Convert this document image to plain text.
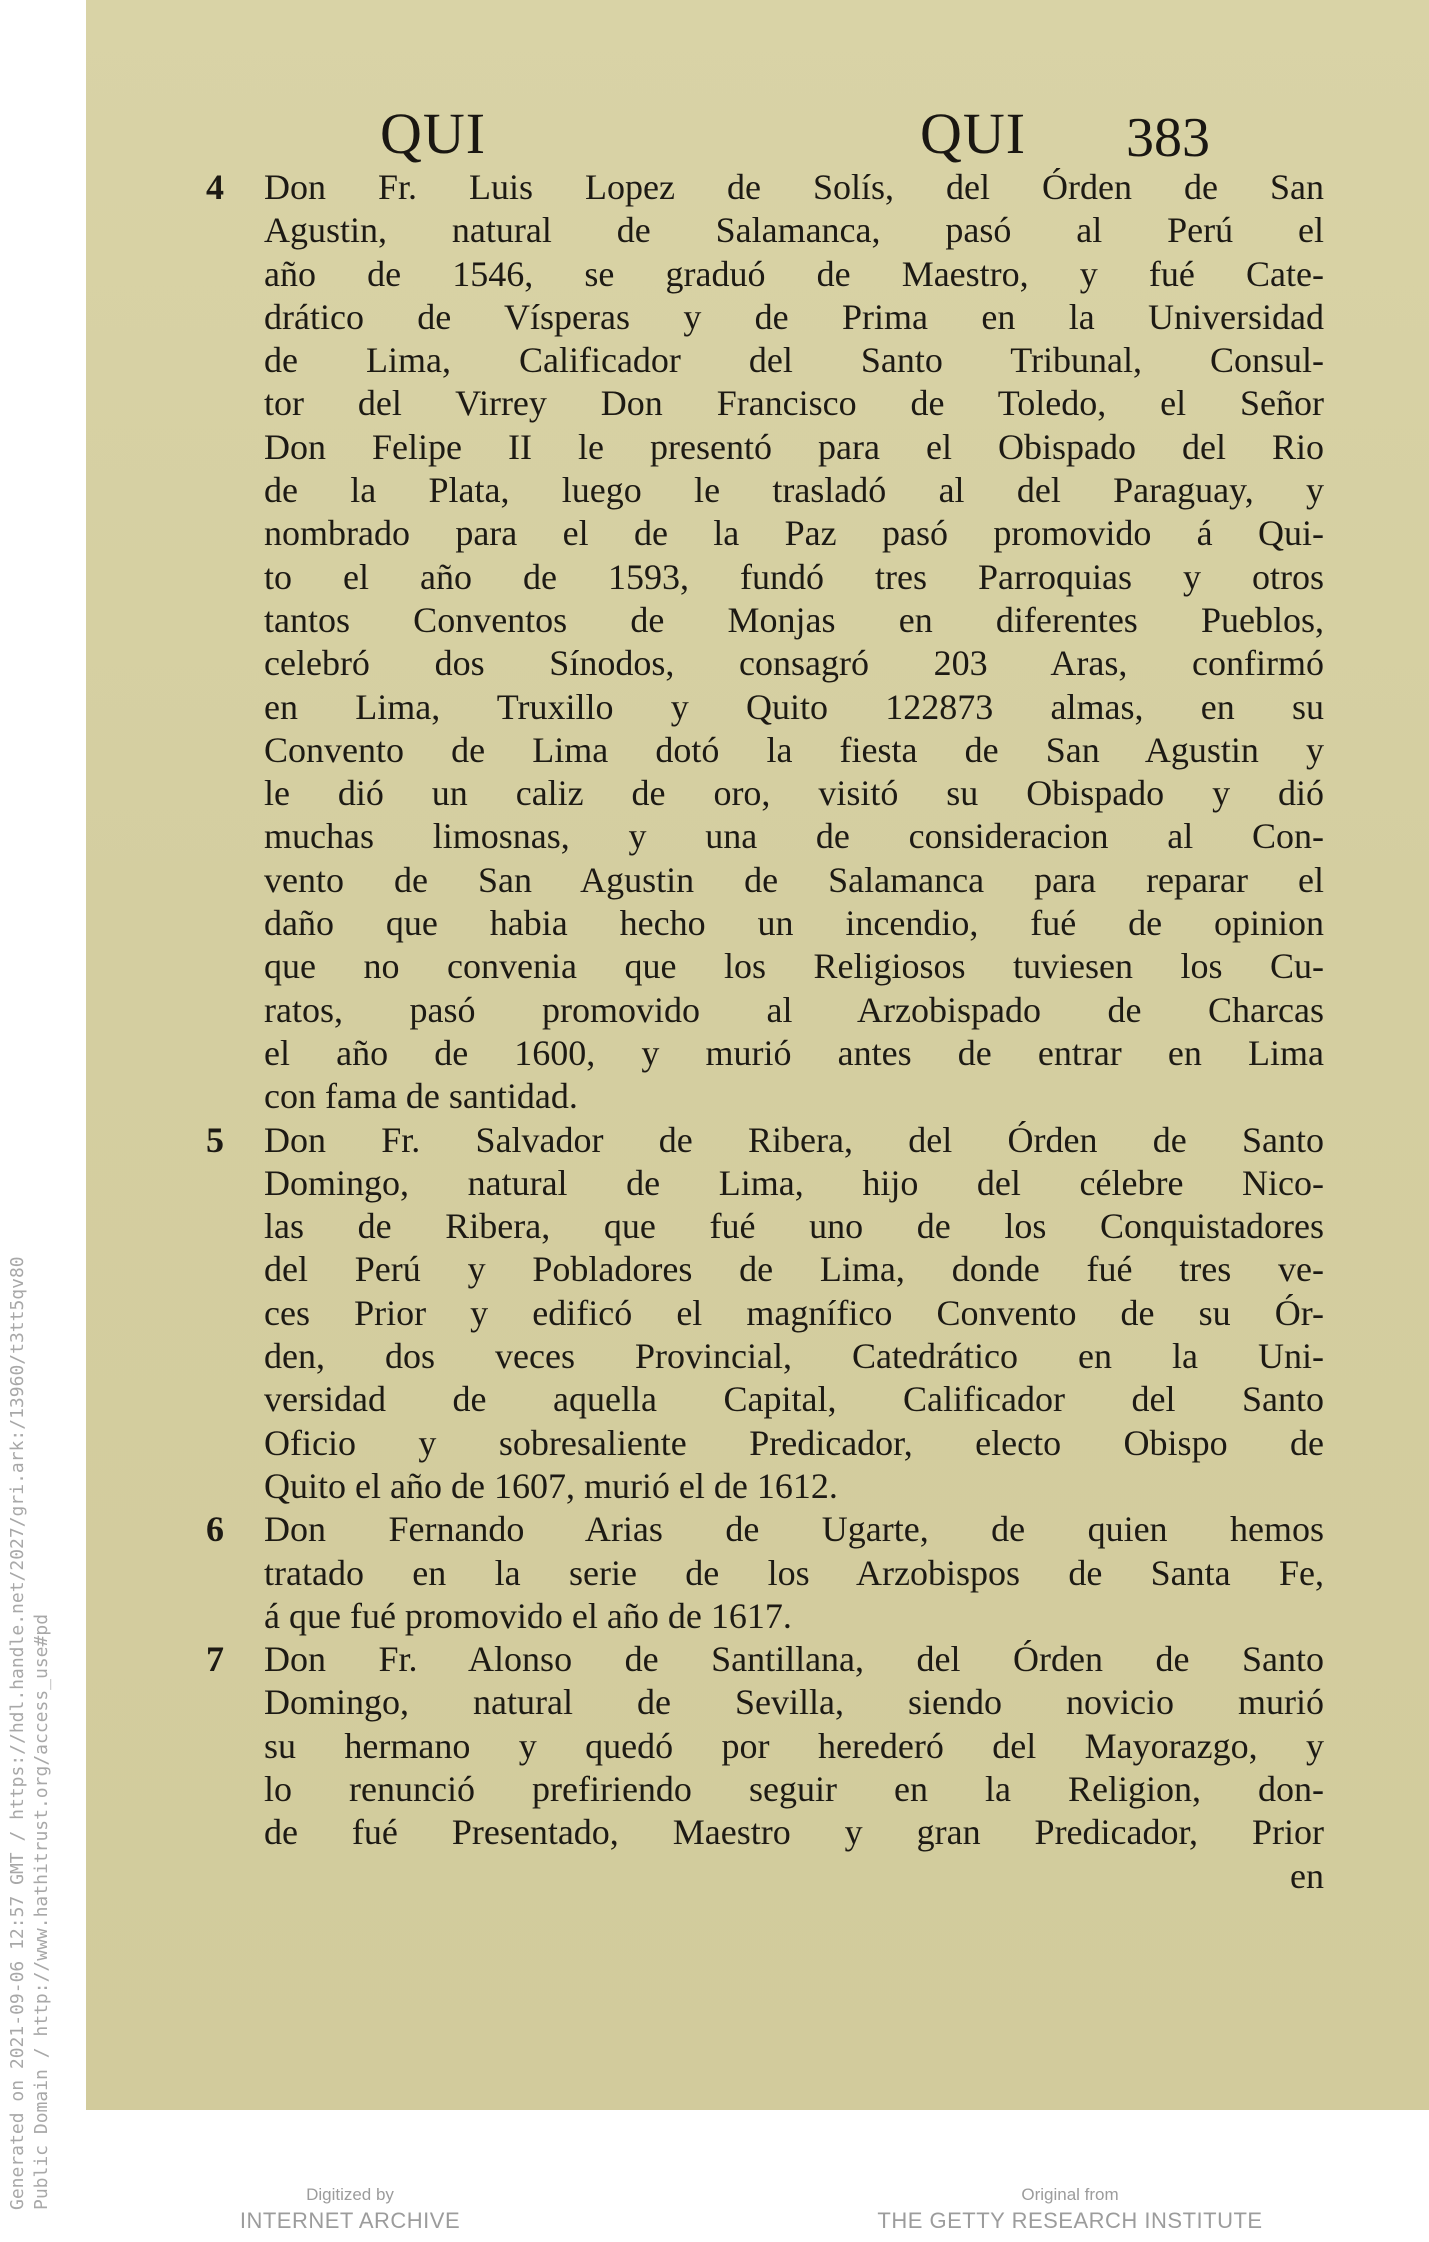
Generated on 2021-09-06 12:57 GMT / https://hdl.handle.net/2027/gri.ark:/13960/t3tt5qv80 Public Domain / http://www.hathitrust.org/access_use#pd
QUI	QUI 383
4 Don Fr. Luis Lopez de Solís, del Órden de San
Agustin, natural de Salamanca, pasó al Perú el
año de 1546, se graduó de Maestro, y fué Cate-
drático de Vísperas y de Prima en la Universidad
de Lima, Calificador del Santo Tribunal, Consul-
tor del Virrey Don Francisco de Toledo, el Señor
Don Felipe II le presentó para el Obispado del Rio
de la Plata, luego le trasladó al del Paraguay, y
nombrado para el de la Paz pasó promovido á Qui-
to el año de 1593, fundó tres Parroquias y otros
tantos Conventos de Monjas en diferentes Pueblos,
celebró dos Sínodos, consagró 203 Aras, confirmó
en Lima, Truxillo y Quito 122873 almas, en su
Convento de Lima dotó la fiesta de San Agustin y
le dió un caliz de oro, visitó su Obispado y dió
muchas limosnas, y una de consideracion al Con-
vento de San Agustin de Salamanca para reparar el
daño que habia hecho un incendio, fué de opinion
que no convenia que los Religiosos tuviesen los Cu-
ratos, pasó promovido al Arzobispado de Charcas
el año de 1600, y murió antes de entrar en Lima
con fama de santidad.
5 Don Fr. Salvador de Ribera, del Órden de Santo
Domingo, natural de Lima, hijo del célebre Nico-
las de Ribera, que fué uno de los Conquistadores
del Perú y Pobladores de Lima, donde fué tres ve-
ces Prior y edificó el magnífico Convento de su Ór-
den, dos veces Provincial, Catedrático en la Uni-
versidad de aquella Capital, Calificador del Santo
Oficio y sobresaliente Predicador, electo Obispo de
Quito el año de 1607, murió el de 1612.
6 Don Fernando Arias de Ugarte, de quien hemos
tratado en la serie de los Arzobispos de Santa Fe,
á que fué promovido el año de 1617.
7 Don Fr. Alonso de Santillana, del Órden de Santo
Domingo, natural de Sevilla, siendo novicio murió
su hermano y quedó por herederó del Mayorazgo, y
lo renunció prefiriendo seguir en la Religion, don-
de fué Presentado, Maestro y gran Predicador, Prior
en
Digitized by
INTERNET ARCHIVE
Original from
THE GETTY RESEARCH INSTITUTE
